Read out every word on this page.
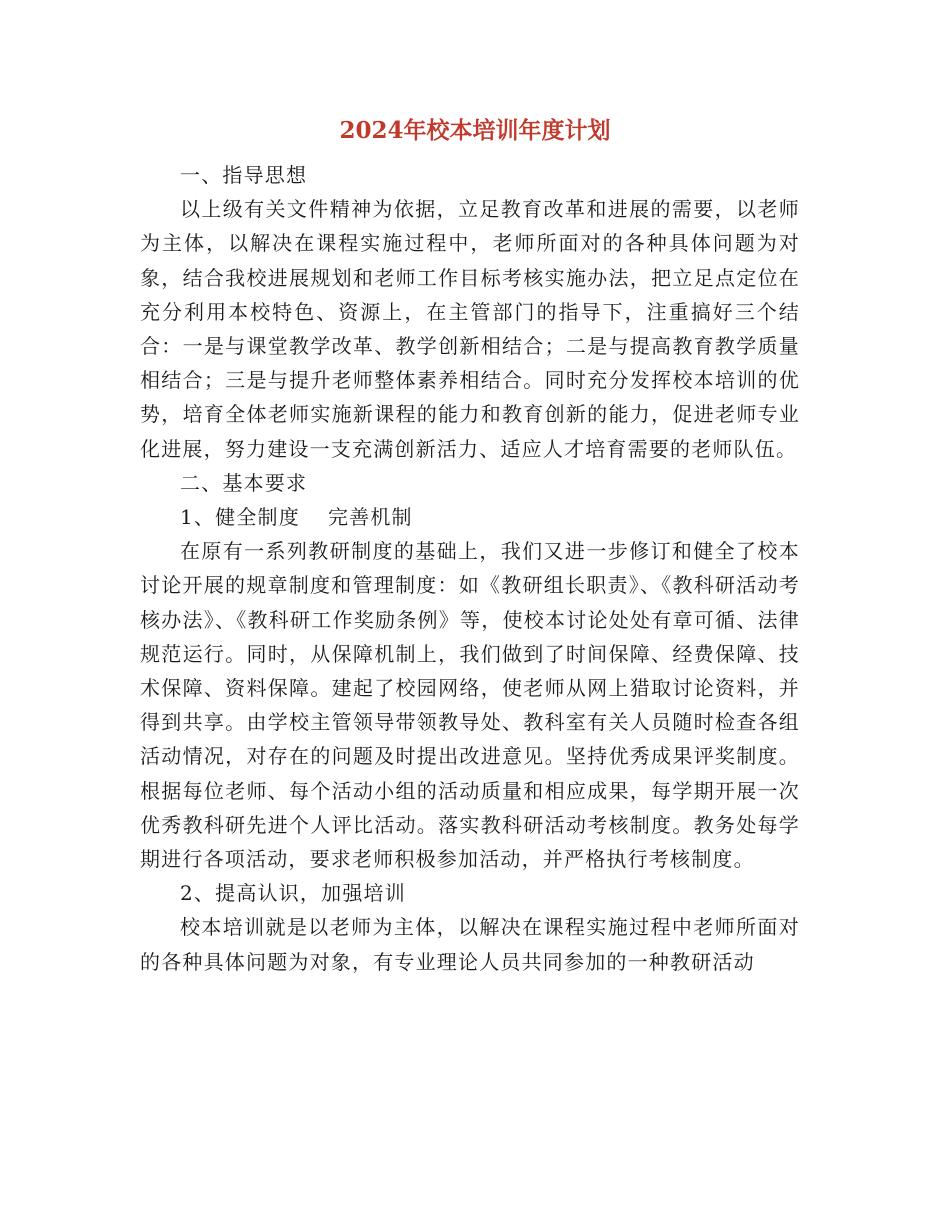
2024年校本培训年度计划

一、指导思想

以上级有关文件精神为依据，立足教育改革和进展的需要，以老师为主体，以解决在课程实施过程中，老师所面对的各种具体问题为对象，结合我校进展规划和老师工作目标考核实施办法，把立足点定位在充分利用本校特色、资源上，在主管部门的指导下，注重搞好三个结合：一是与课堂教学改革、教学创新相结合；二是与提高教育教学质量相结合；三是与提升老师整体素养相结合。同时充分发挥校本培训的优势，培育全体老师实施新课程的能力和教育创新的能力，促进老师专业化进展，努力建设一支充满创新活力、适应人才培育需要的老师队伍。

二、基本要求

1、健全制度 完善机制

在原有一系列教研制度的基础上，我们又进一步修订和健全了校本讨论开展的规章制度和管理制度：如《教研组长职责》、《教科研活动考核办法》、《教科研工作奖励条例》等，使校本讨论处处有章可循、法律规范运行。同时，从保障机制上，我们做到了时间保障、经费保障、技术保障、资料保障。建起了校园网络，使老师从网上猎取讨论资料，并得到共享。由学校主管领导带领教导处、教科室有关人员随时检查各组活动情况，对存在的问题及时提出改进意见。坚持优秀成果评奖制度。根据每位老师、每个活动小组的活动质量和相应成果，每学期开展一次优秀教科研先进个人评比活动。落实教科研活动考核制度。教务处每学期进行各项活动，要求老师积极参加活动，并严格执行考核制度。

2、提高认识，加强培训

校本培训就是以老师为主体，以解决在课程实施过程中老师所面对的各种具体问题为对象，有专业理论人员共同参加的一种教研活动
